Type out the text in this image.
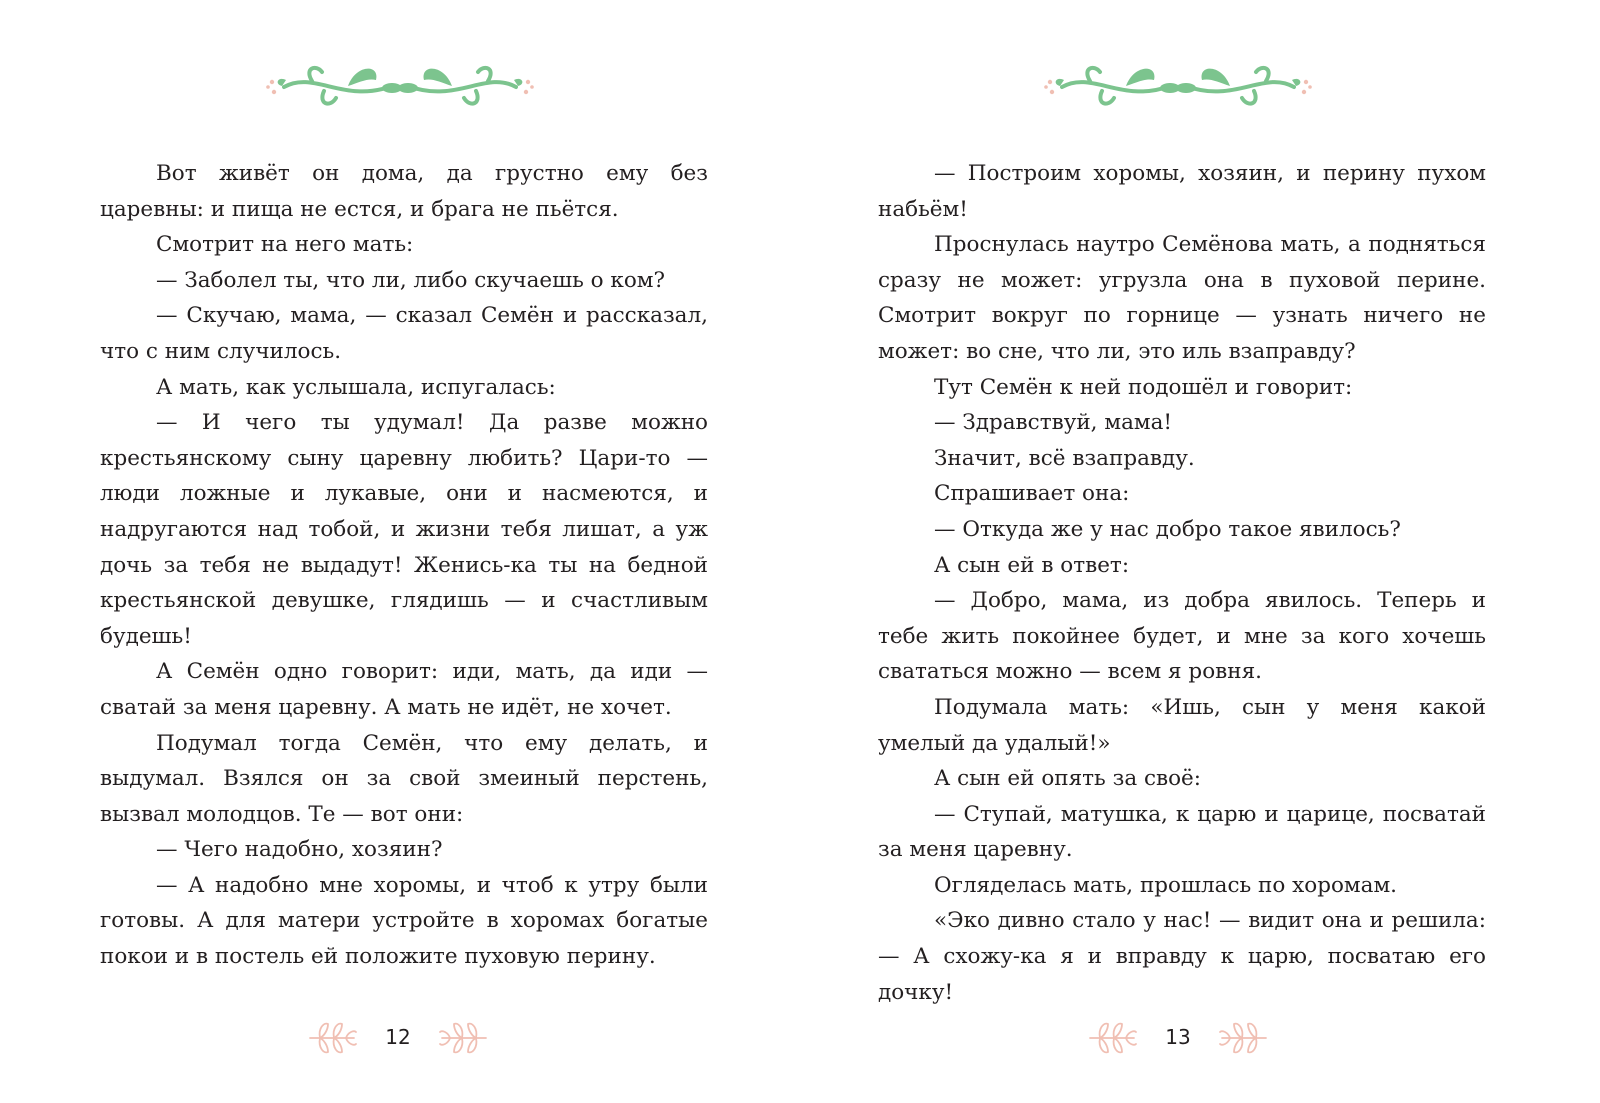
Вот живёт он дома, да грустно ему без царевны: и пища не естся, и брага не пьётся.

Смотрит на него мать:

— Заболел ты, что ли, либо скучаешь о ком?

— Скучаю, мама, — сказал Семён и рассказал, что с ним случилось.

А мать, как услышала, испугалась:

— И чего ты удумал! Да разве можно крестьянскому сыну царевну любить? Цари-то — люди ложные и лукавые, они и насмеются, и надругаются над тобой, и жизни тебя лишат, а уж дочь за тебя не выдадут! Женись-ка ты на бедной крестьянской девушке, глядишь — и счастливым будешь!

А Семён одно говорит: иди, мать, да иди — сватай за меня царевну. А мать не идёт, не хочет.

Подумал тогда Семён, что ему делать, и выдумал. Взялся он за свой змеиный перстень, вызвал молодцов. Те — вот они:

— Чего надобно, хозяин?

— А надобно мне хоромы, и чтоб к утру были готовы. А для матери устройте в хоромах богатые покои и в постель ей положите пуховую перину.

12

— Построим хоромы, хозяин, и перину пухом набьём!

Проснулась наутро Семёнова мать, а подняться сразу не может: угрузла она в пуховой перине. Смотрит вокруг по горнице — узнать ничего не может: во сне, что ли, это иль взаправду?

Тут Семён к ней подошёл и говорит:

— Здравствуй, мама!

Значит, всё взаправду.

Спрашивает она:

— Откуда же у нас добро такое явилось?

А сын ей в ответ:

— Добро, мама, из добра явилось. Теперь и тебе жить покойнее будет, и мне за кого хочешь свататься можно — всем я ровня.

Подумала мать: «Ишь, сын у меня какой умелый да удалый!»

А сын ей опять за своё:

— Ступай, матушка, к царю и царице, посватай за меня царевну.

Огляделась мать, прошлась по хоромам.

«Эко дивно стало у нас! — видит она и решила: — А схожу-ка я и вправду к царю, посватаю его дочку!

13
